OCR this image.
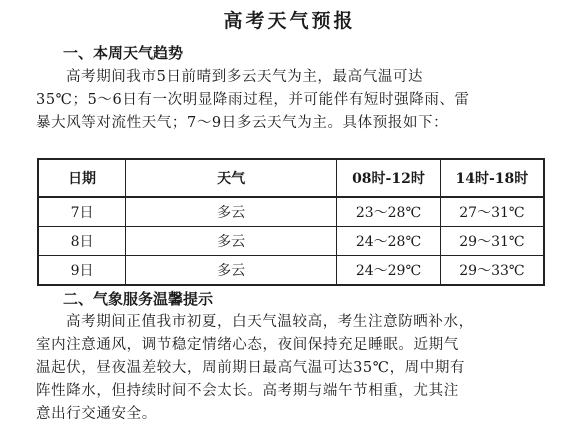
高考天气预报
一、本周天气趋势
高考期间我市5日前晴到多云天气为主，最高气温可达
35℃；5～6日有一次明显降雨过程，并可能伴有短时强降雨、雷
暴大风等对流性天气；7～9日多云天气为主。具体预报如下：
日期	天气	08时-12时	14时-18时
7日	多云	23～28℃	27～31℃
8日	多云	24～28℃	29～31℃
9日	多云	24～29℃	29～33℃
二、气象服务温馨提示
高考期间正值我市初夏，白天气温较高，考生注意防晒补水，
室内注意通风，调节稳定情绪心态，夜间保持充足睡眠。近期气
温起伏，昼夜温差较大，周前期日最高气温可达35℃，周中期有
阵性降水，但持续时间不会太长。高考期与端午节相重，尤其注
意出行交通安全。
